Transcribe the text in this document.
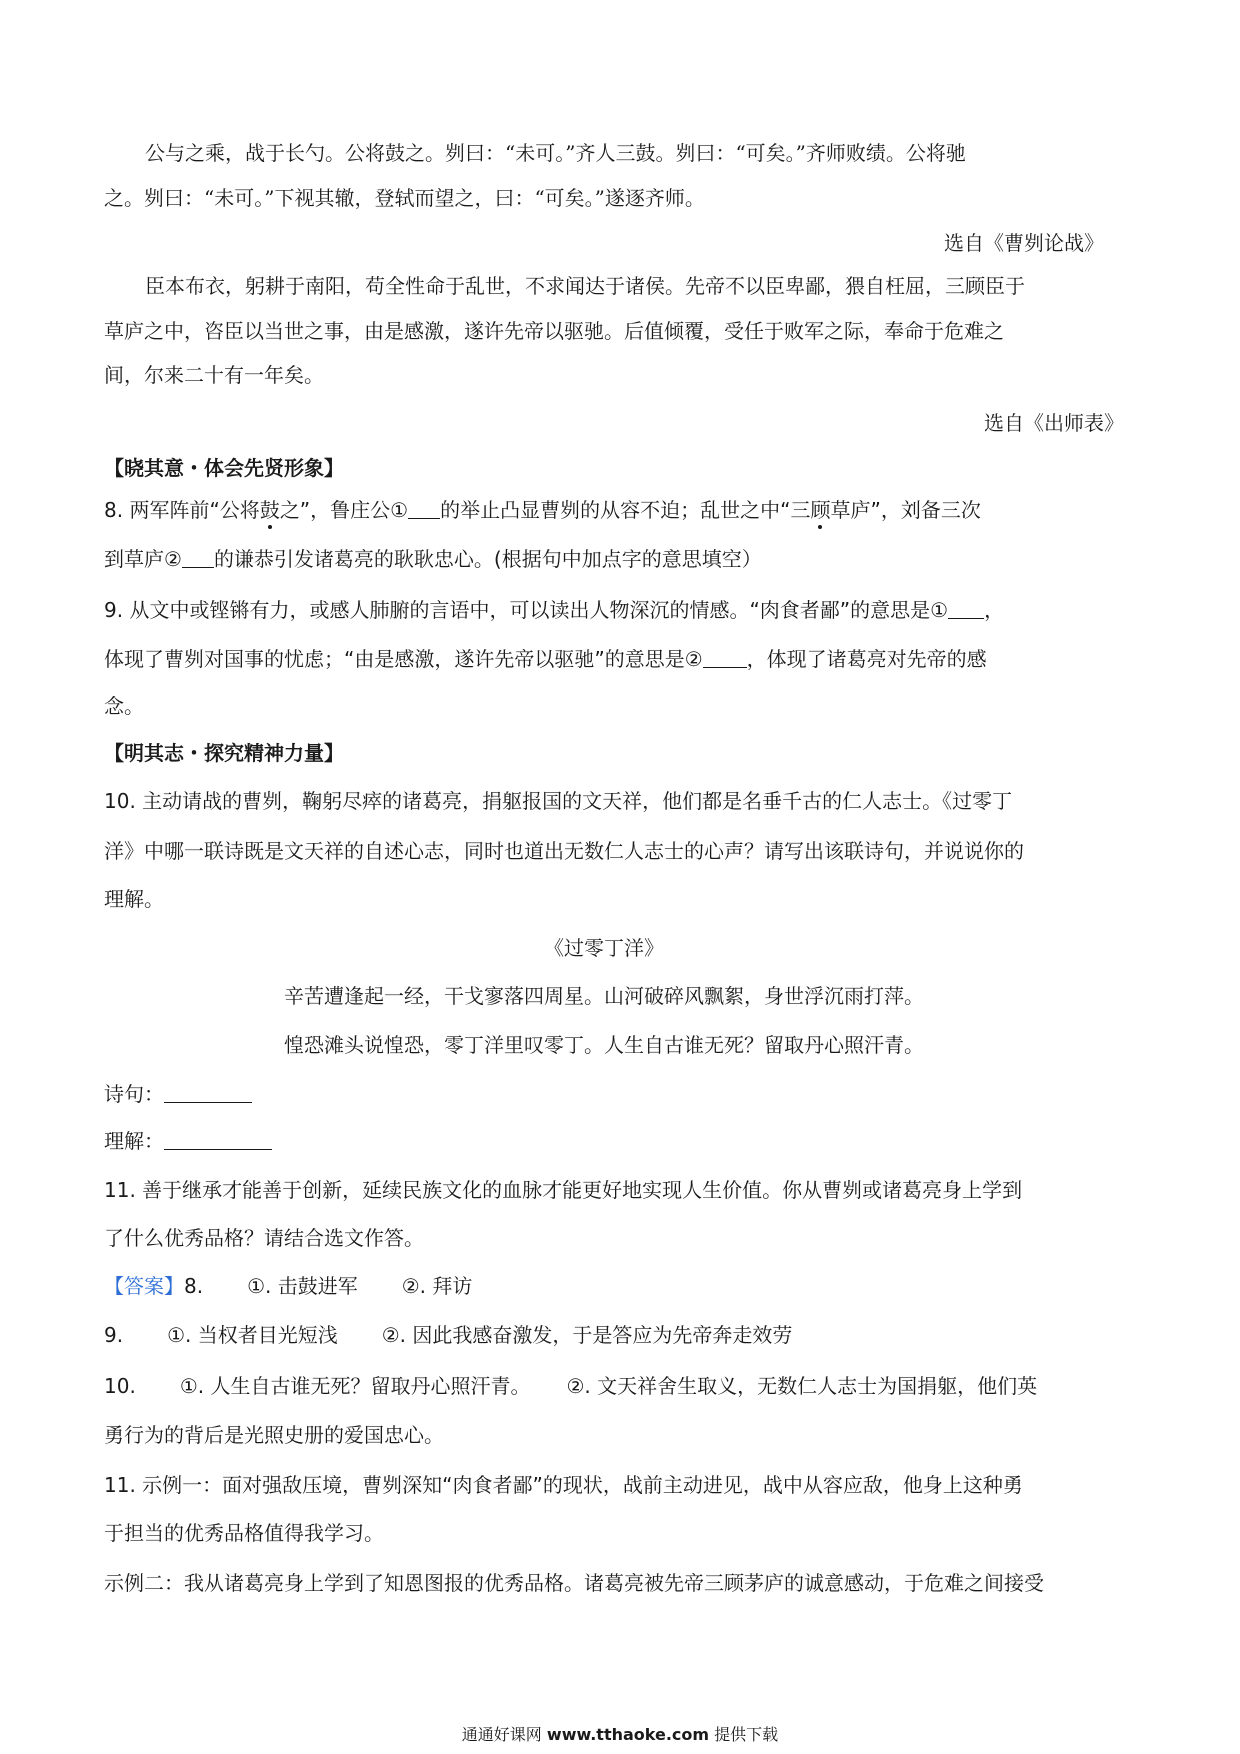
公与之乘，战于长勺。公将鼓之。刿曰：“未可。”齐人三鼓。刿曰：“可矣。”齐师败绩。公将驰
之。刿曰：“未可。”下视其辙，登轼而望之，曰：“可矣。”遂逐齐师。
选自《曹刿论战》
臣本布衣，躬耕于南阳，苟全性命于乱世，不求闻达于诸侯。先帝不以臣卑鄙，猥自枉屈，三顾臣于
草庐之中，咨臣以当世之事，由是感激，遂许先帝以驱驰。后值倾覆，受任于败军之际，奉命于危难之
间，尔来二十有一年矣。
选自《出师表》
【晓其意・体会先贤形象】
8. 两军阵前“公将鼓之”，鲁庄公① 的举止凸显曹刿的从容不迫；乱世之中“三顾草庐”，刘备三次
到草庐② 的谦恭引发诸葛亮的耿耿忠心。(根据句中加点字的意思填空）
9. 从文中或铿锵有力，或感人肺腑的言语中，可以读出人物深沉的情感。“肉食者鄙”的意思是① ，
体现了曹刿对国事的忧虑；“由是感激，遂许先帝以驱驰”的意思是② ，体现了诸葛亮对先帝的感
念。
【明其志・探究精神力量】
10. 主动请战的曹刿，鞠躬尽瘁的诸葛亮，捐躯报国的文天祥，他们都是名垂千古的仁人志士。《过零丁
洋》中哪一联诗既是文天祥的自述心志，同时也道出无数仁人志士的心声？请写出该联诗句，并说说你的
理解。
《过零丁洋》
辛苦遭逢起一经，干戈寥落四周星。山河破碎风飘絮，身世浮沉雨打萍。
惶恐滩头说惶恐，零丁洋里叹零丁。人生自古谁无死？留取丹心照汗青。
诗句：
理解：
11. 善于继承才能善于创新，延续民族文化的血脉才能更好地实现人生价值。你从曹刿或诸葛亮身上学到
了什么优秀品格？请结合选文作答。
【答案】8. ①. 击鼓进军 ②. 拜访
9. ①. 当权者目光短浅 ②. 因此我感奋激发，于是答应为先帝奔走效劳
10. ①. 人生自古谁无死？留取丹心照汗青。 ②. 文天祥舍生取义，无数仁人志士为国捐躯，他们英
勇行为的背后是光照史册的爱国忠心。
11. 示例一：面对强敌压境，曹刿深知“肉食者鄙”的现状，战前主动进见，战中从容应敌，他身上这种勇
于担当的优秀品格值得我学习。
示例二：我从诸葛亮身上学到了知恩图报的优秀品格。诸葛亮被先帝三顾茅庐的诚意感动，于危难之间接受
通通好课网 www.tthaoke.com 提供下载
